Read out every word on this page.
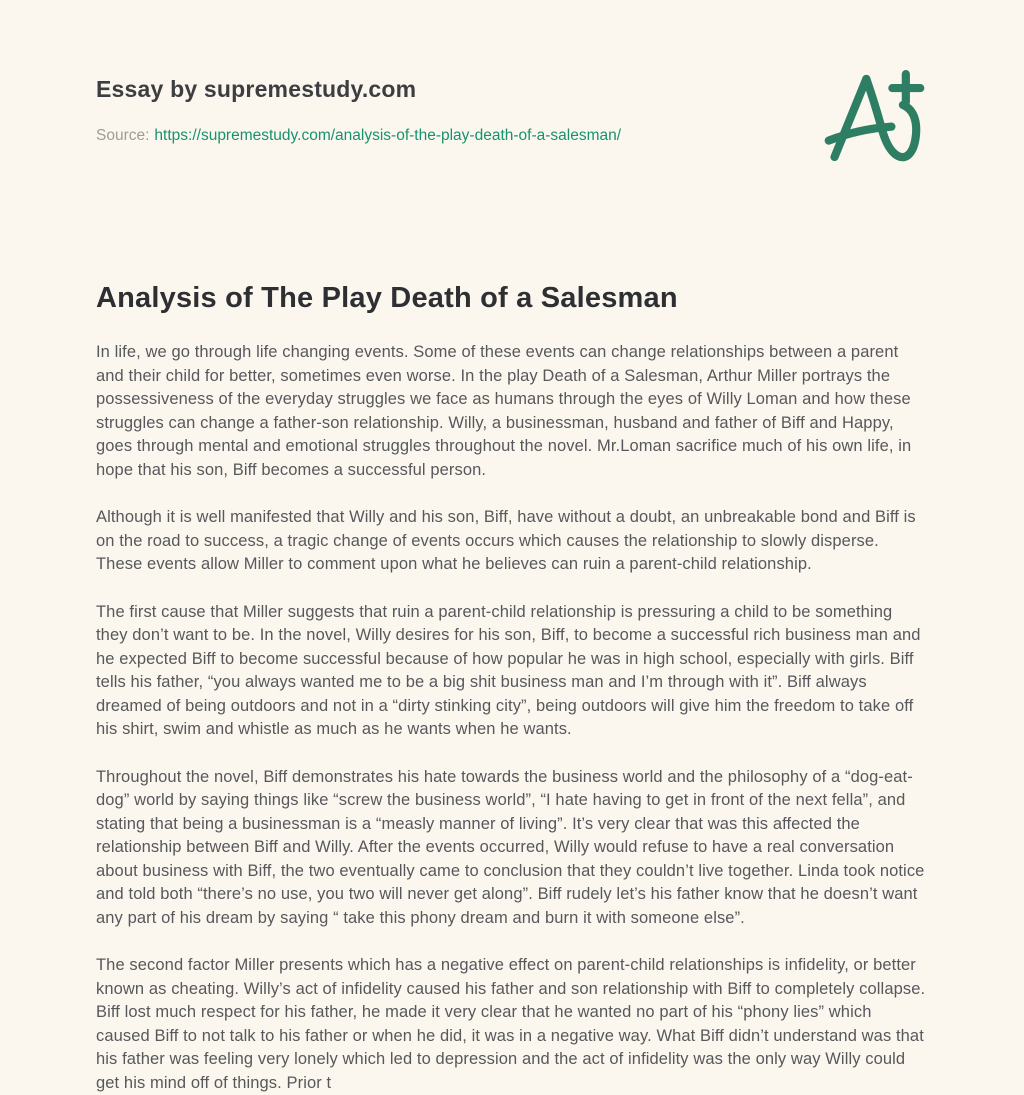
Essay by supremestudy.com
Source: https://supremestudy.com/analysis-of-the-play-death-of-a-salesman/
Analysis of The Play Death of a Salesman

In life, we go through life changing events. Some of these events can change relationships between a parent and their child for better, sometimes even worse. In the play Death of a Salesman, Arthur Miller portrays the possessiveness of the everyday struggles we face as humans through the eyes of Willy Loman and how these struggles can change a father-son relationship. Willy, a businessman, husband and father of Biff and Happy, goes through mental and emotional struggles throughout the novel. Mr.Loman sacrifice much of his own life, in hope that his son, Biff becomes a successful person.

Although it is well manifested that Willy and his son, Biff, have without a doubt, an unbreakable bond and Biff is on the road to success, a tragic change of events occurs which causes the relationship to slowly disperse. These events allow Miller to comment upon what he believes can ruin a parent-child relationship.

The first cause that Miller suggests that ruin a parent-child relationship is pressuring a child to be something they don’t want to be. In the novel, Willy desires for his son, Biff, to become a successful rich business man and he expected Biff to become successful because of how popular he was in high school, especially with girls. Biff tells his father, “you always wanted me to be a big shit business man and I’m through with it”. Biff always dreamed of being outdoors and not in a “dirty stinking city”, being outdoors will give him the freedom to take off his shirt, swim and whistle as much as he wants when he wants.

Throughout the novel, Biff demonstrates his hate towards the business world and the philosophy of a “dog-eat-dog” world by saying things like “screw the business world”, “I hate having to get in front of the next fella”, and stating that being a businessman is a “measly manner of living”. It’s very clear that was this affected the relationship between Biff and Willy. After the events occurred, Willy would refuse to have a real conversation about business with Biff, the two eventually came to conclusion that they couldn’t live together. Linda took notice and told both “there’s no use, you two will never get along”. Biff rudely let’s his father know that he doesn’t want any part of his dream by saying “ take this phony dream and burn it with someone else”.

The second factor Miller presents which has a negative effect on parent-child relationships is infidelity, or better known as cheating. Willy’s act of infidelity caused his father and son relationship with Biff to completely collapse. Biff lost much respect for his father, he made it very clear that he wanted no part of his “phony lies” which caused Biff to not talk to his father or when he did, it was in a negative way. What Biff didn’t understand was that his father was feeling very lonely which led to depression and the act of infidelity was the only way Willy could get his mind off of things. Prior t
